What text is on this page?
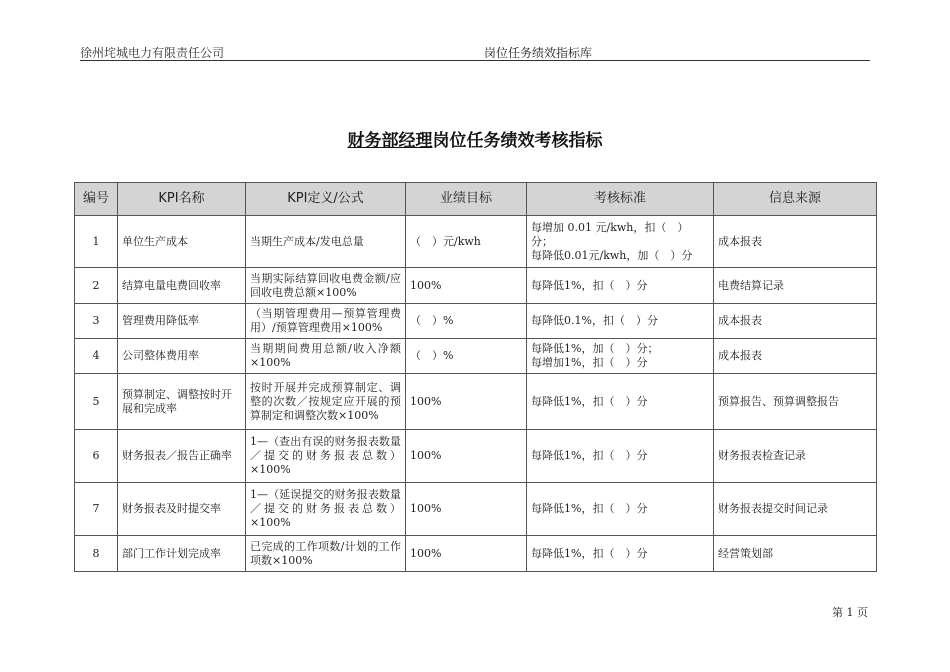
徐州垞城电力有限责任公司	岗位任务绩效指标库
财务部经理岗位任务绩效考核指标
编号	KPI名称	KPI定义/公式	业绩目标	考核标准	信息来源
1	单位生产成本	当期生产成本/发电总量	（　）元/kwh	每增加 0.01 元/kwh，扣（　）分；
每降低0.01元/kwh，加（　）分	成本报表
2	结算电量电费回收率	当期实际结算回收电费金额/应回收电费总额×100%	100%	每降低1%，扣（　）分	电费结算记录
3	管理费用降低率	（当期管理费用—预算管理费用）/预算管理费用×100%	（　）%	每降低0.1%，扣（　）分	成本报表
4	公司整体费用率	当期期间费用总额/收入净额×100%	（　）%	每降低1%，加（　）分；
每增加1%，扣（　）分	成本报表
5	预算制定、调整按时开展和完成率	按时开展并完成预算制定、调整的次数／按规定应开展的预算制定和调整次数×100%	100%	每降低1%，扣（　）分	预算报告、预算调整报告
6	财务报表／报告正确率	1—（查出有误的财务报表数量／提交的财务报表总数）×100%	100%	每降低1%，扣（　）分	财务报表检查记录
7	财务报表及时提交率	1—（延误提交的财务报表数量／提交的财务报表总数）×100%	100%	每降低1%，扣（　）分	财务报表提交时间记录
8	部门工作计划完成率	已完成的工作项数/计划的工作项数×100%	100%	每降低1%，扣（　）分	经营策划部
第 1 页
